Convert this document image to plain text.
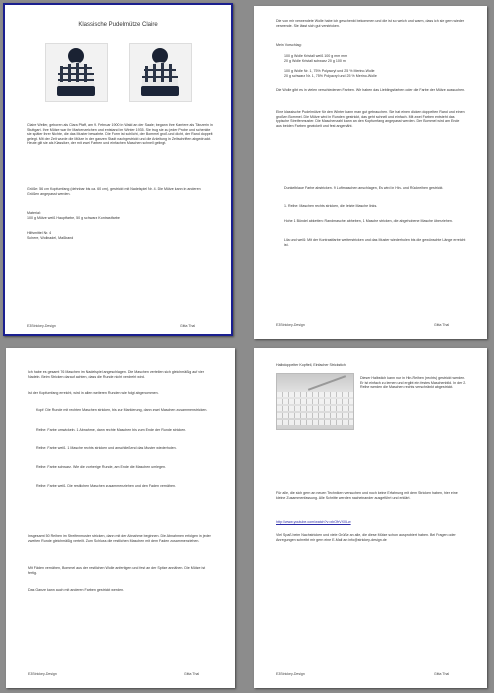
Klassische Pudelmütze Claire
Claire Weller, geboren als Clara Pfaff, am 9. Februar 1900 in Wald an der Saale; begann ihre Karriere als Tänzerin in Stuttgart. Ihre Mütze war ihr Markenzeichen und entstand im Winter 1935. Sie trug sie zu jeder Probe und schenkte sie später ihrer Nichte, die das Muster bewahrte. Die Form ist schlicht, der Bommel groß und dicht, der Rand doppelt gelegt. Mit der Zeit wurde die Mütze in der ganzen Stadt nachgestrickt und die Anleitung in Zeitschriften abgedruckt. Heute gilt sie als Klassiker, der mit zwei Farben und einfachen Maschen schnell gelingt.
Größe: 56 cm Kopfumfang (dehnbar bis ca. 60 cm), gestrickt mit Nadelspiel Nr. 4. Die Mütze kann in anderen Größen angepasst werden.
Material:
100 g Mütze weiß Hauptfarbe, 50 g schwarz Kontrastfarbe
Hilfsmittel Nr. 4
Schere, Wollnadel, Maßband
E3Strickey-Design	Gitta Thal
Die von mir verwendete Wolle habe ich geschenkt bekommen und die ist so weich und warm, dass ich sie gern wieder verwende. Sie lässt sich gut verstricken.
Mein Vorschlag:
100 g Wolle Kristall weiß 100 g mm mm
20 g Wolle Kristall schwarz 20 g 100 m
100 g Wolle Nr. 1, 75% Polyacryl und 25 % Merino-Wolle
20 g schwarz Nr. 1, 75% Polyacryl und 25 % Merino-Wolle
Die Wolle gibt es in vielen verschiedenen Farben. Wir haben das Lieblingsfarben oder die Farbe der Mütze aussuchen.
Eine klassische Pudelmütze für den Winter kann man gut gebrauchen. Sie hat einen dicken doppelten Rand und einen großen Bommel. Die Mütze wird in Runden gestrickt, das geht schnell und einfach. Mit zwei Farben entsteht das typische Streifenmuster. Die Maschenzahl kann an den Kopfumfang angepasst werden. Der Bommel wird am Ende aus beiden Farben gewickelt und fest angenäht.
Dunkelblaue Farbe abstricken. 9 Luftmaschen anschlagen, Es wird in Hin- und Rückreihen gestrickt.
1. Reihe: Maschen rechts stricken, die letzte Masche links.
Hohe 1 Bündel abketten: Randmasche abheben, 1 Masche stricken, die abgehobene Masche überziehen.
Lila und weiß: Mit der Kontrastfarbe weiterstricken und das Muster wiederholen bis die gewünschte Länge erreicht ist.
E3Strickey-Design	Gitta Thal
Ich habe es gesamt 76 Maschen im Nadelspiel angeschlagen. Die Maschen verteilen sich gleichmäßig auf vier Nadeln. Beim Stricken darauf achten, dass die Runde nicht verdreht wird.
Ist der Kopfumfang erreicht, wird in allen weiteren Runden wie folgt abgenommen.
Kopf: Die Runde mit rechten Maschen stricken, bis zur Markierung, dann zwei Maschen zusammenstricken.
Reihe: Farbe umwickeln. 1 Abnahme, dann rechte Maschen bis zum Ende der Runde stricken.
Reihe: Farbe weiß. 1 Masche rechts stricken und anschließend das Muster wiederholen.
Reihe: Farbe schwarz. Wie die vorherige Runde, am Ende die Maschen umlegen.
Reihe: Farbe weiß. Die restlichen Maschen zusammenziehen und den Faden vernähen.
Insgesamt 50 Reihen im Streifenmuster stricken, dann mit der Abnahme beginnen. Die Abnahmen erfolgen in jeder zweiten Runde gleichmäßig verteilt. Zum Schluss die restlichen Maschen mit dem Faden zusammenziehen.
Mit Fäden vernähen, Bommel aus der restlichen Wolle anfertigen und fest an der Spitze annähen. Die Mütze ist fertig.
Das Ganze kann auch mit anderen Farben gestrickt werden.
E3Strickey-Design	Gitta Thal
Halbdoppelter Kopfteil, Einfacher Strickstich
Dieser Halbstich kann nur in Hin-Reihen (rechts) gestrickt werden. Er ist einfach zu lernen und ergibt ein festes Maschenbild. In der 2. Reihe werden die Maschen rechts verschränkt abgestrickt.
Für alle, die sich gern an neuen Techniken versuchen und noch keine Erfahrung mit dem Stricken haben, hier eine kleine Zusammenfassung. Alle Schritte werden nacheinander ausgeführt und erklärt.
http://www.youtube.com/watch?v=xbOfrVX0Lw
Viel Spaß beim Nachstricken und viele Grüße an alle, die diese Mütze schon ausprobiert haben. Bei Fragen oder Anregungen schreibt mir gern eine E-Mail an info@strickey-design.de
E3Strickey-Design	Gitta Thal
